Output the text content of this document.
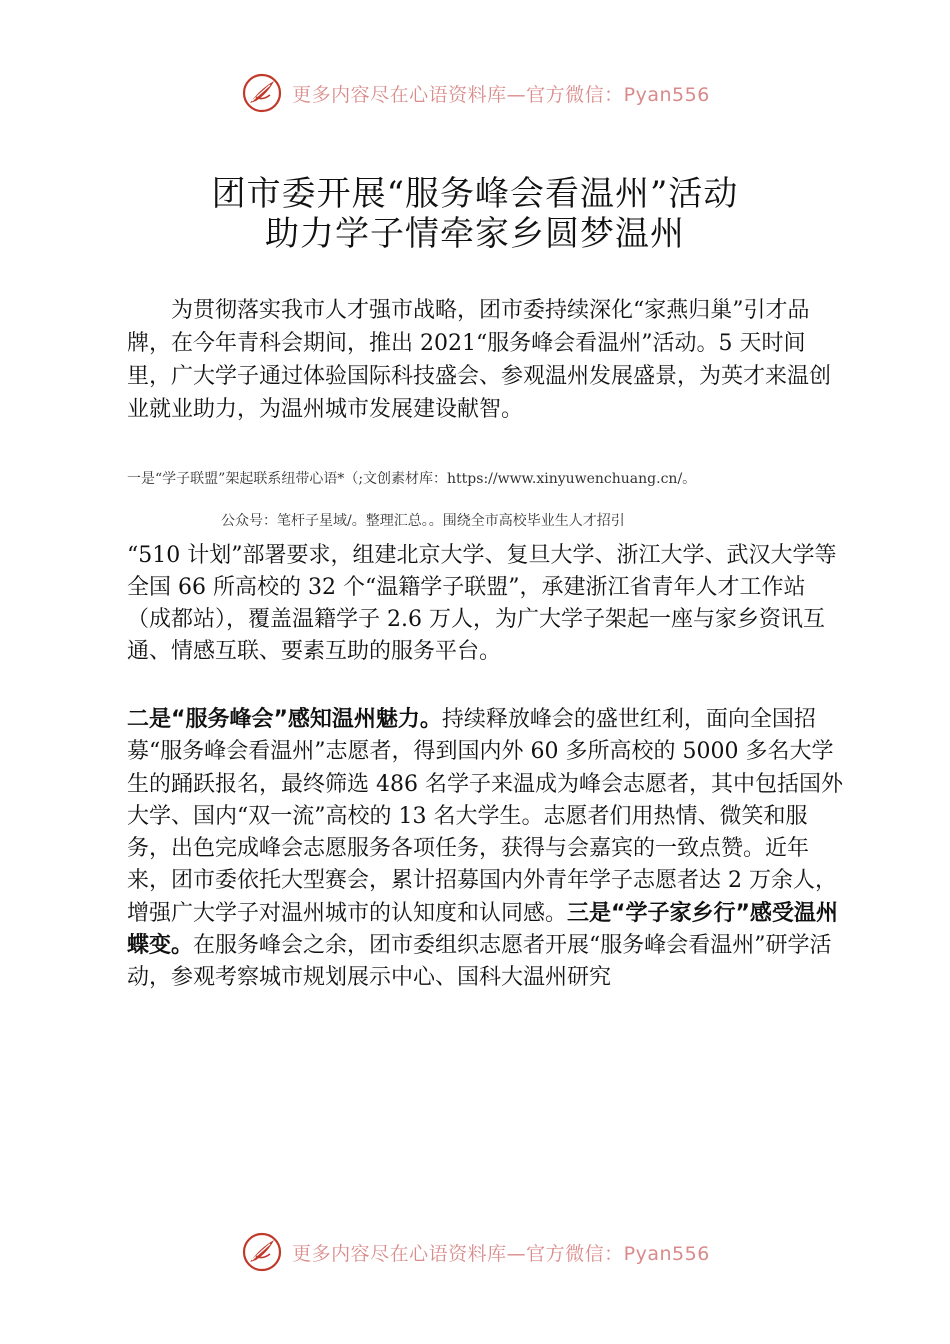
更多内容尽在心语资料库—官方微信：Pyan556
团市委开展“服务峰会看温州”活动
助力学子情牵家乡圆梦温州

为贯彻落实我市人才强市战略，团市委持续深化“家燕归巢”引才品牌，在今年青科会期间，推出 2021“服务峰会看温州”活动。5 天时间里，广大学子通过体验国际科技盛会、参观温州发展盛景，为英才来温创业就业助力，为温州城市发展建设献智。

一是“学子联盟”架起联系纽带心语*（;文创素材库：https://www.xinyuwenchuang.cn/。

公众号：笔杆子星域/。整理汇总。。围绕全市高校毕业生人才招引

“510 计划”部署要求，组建北京大学、复旦大学、浙江大学、武汉大学等全国 66 所高校的 32 个“温籍学子联盟”，承建浙江省青年人才工作站（成都站），覆盖温籍学子 2.6 万人，为广大学子架起一座与家乡资讯互通、情感互联、要素互助的服务平台。

二是“服务峰会”感知温州魅力。持续释放峰会的盛世红利，面向全国招募“服务峰会看温州”志愿者，得到国内外 60 多所高校的 5000 多名大学生的踊跃报名，最终筛选 486 名学子来温成为峰会志愿者，其中包括国外大学、国内“双一流”高校的 13 名大学生。志愿者们用热情、微笑和服务，出色完成峰会志愿服务各项任务，获得与会嘉宾的一致点赞。近年来，团市委依托大型赛会，累计招募国内外青年学子志愿者达 2 万余人，增强广大学子对温州城市的认知度和认同感。三是“学子家乡行”感受温州蝶变。在服务峰会之余，团市委组织志愿者开展“服务峰会看温州”研学活动，参观考察城市规划展示中心、国科大温州研究

更多内容尽在心语资料库—官方微信：Pyan556
